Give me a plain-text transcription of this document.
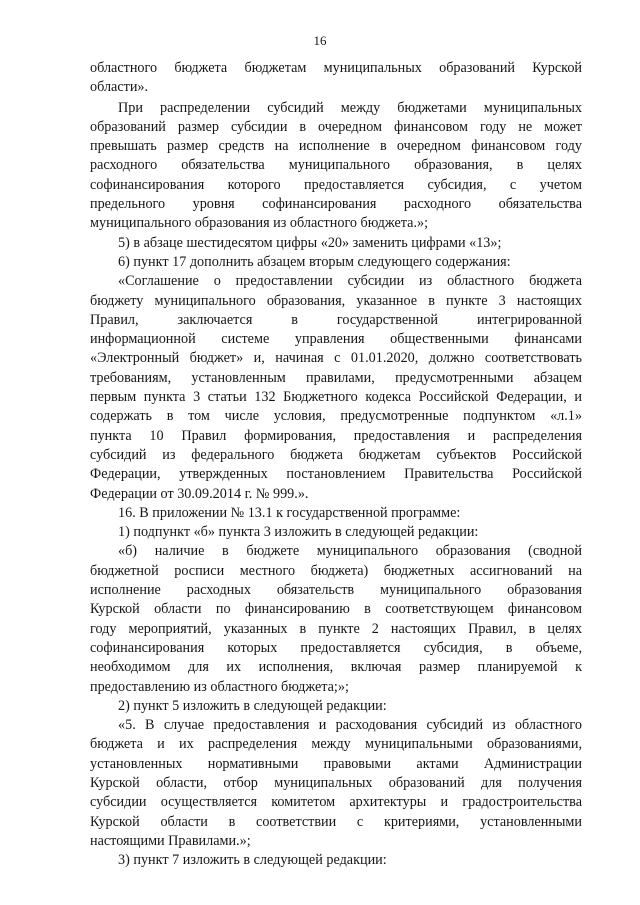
16

областного бюджета бюджетам муниципальных образований Курской
области».

При распределении субсидий между бюджетами муниципальных
образований размер субсидии в очередном финансовом году не может
превышать размер средств на исполнение в очередном финансовом году
расходного обязательства муниципального образования, в целях
софинансирования которого предоставляется субсидия, с учетом
предельного уровня софинансирования расходного обязательства
муниципального образования из областного бюджета.»;

5) в абзаце шестидесятом цифры «20» заменить цифрами «13»;

6) пункт 17 дополнить абзацем вторым следующего содержания:

«Соглашение о предоставлении субсидии из областного бюджета
бюджету муниципального образования, указанное в пункте 3 настоящих
Правил, заключается в государственной интегрированной
информационной системе управления общественными финансами
«Электронный бюджет» и, начиная с 01.01.2020, должно соответствовать
требованиям, установленным правилами, предусмотренными абзацем
первым пункта 3 статьи 132 Бюджетного кодекса Российской Федерации, и
содержать в том числе условия, предусмотренные подпунктом «л.1»
пункта 10 Правил формирования, предоставления и распределения
субсидий из федерального бюджета бюджетам субъектов Российской
Федерации, утвержденных постановлением Правительства Российской
Федерации от 30.09.2014 г. № 999.».

16. В приложении № 13.1 к государственной программе:

1) подпункт «б» пункта 3 изложить в следующей редакции:

«б) наличие в бюджете муниципального образования (сводной
бюджетной росписи местного бюджета) бюджетных ассигнований на
исполнение расходных обязательств муниципального образования
Курской области по финансированию в соответствующем финансовом
году мероприятий, указанных в пункте 2 настоящих Правил, в целях
софинансирования которых предоставляется субсидия, в объеме,
необходимом для их исполнения, включая размер планируемой к
предоставлению из областного бюджета;»;

2) пункт 5 изложить в следующей редакции:

«5. В случае предоставления и расходования субсидий из областного
бюджета и их распределения между муниципальными образованиями,
установленных нормативными правовыми актами Администрации
Курской области, отбор муниципальных образований для получения
субсидии осуществляется комитетом архитектуры и градостроительства
Курской области в соответствии с критериями, установленными
настоящими Правилами.»;

3) пункт 7 изложить в следующей редакции:
